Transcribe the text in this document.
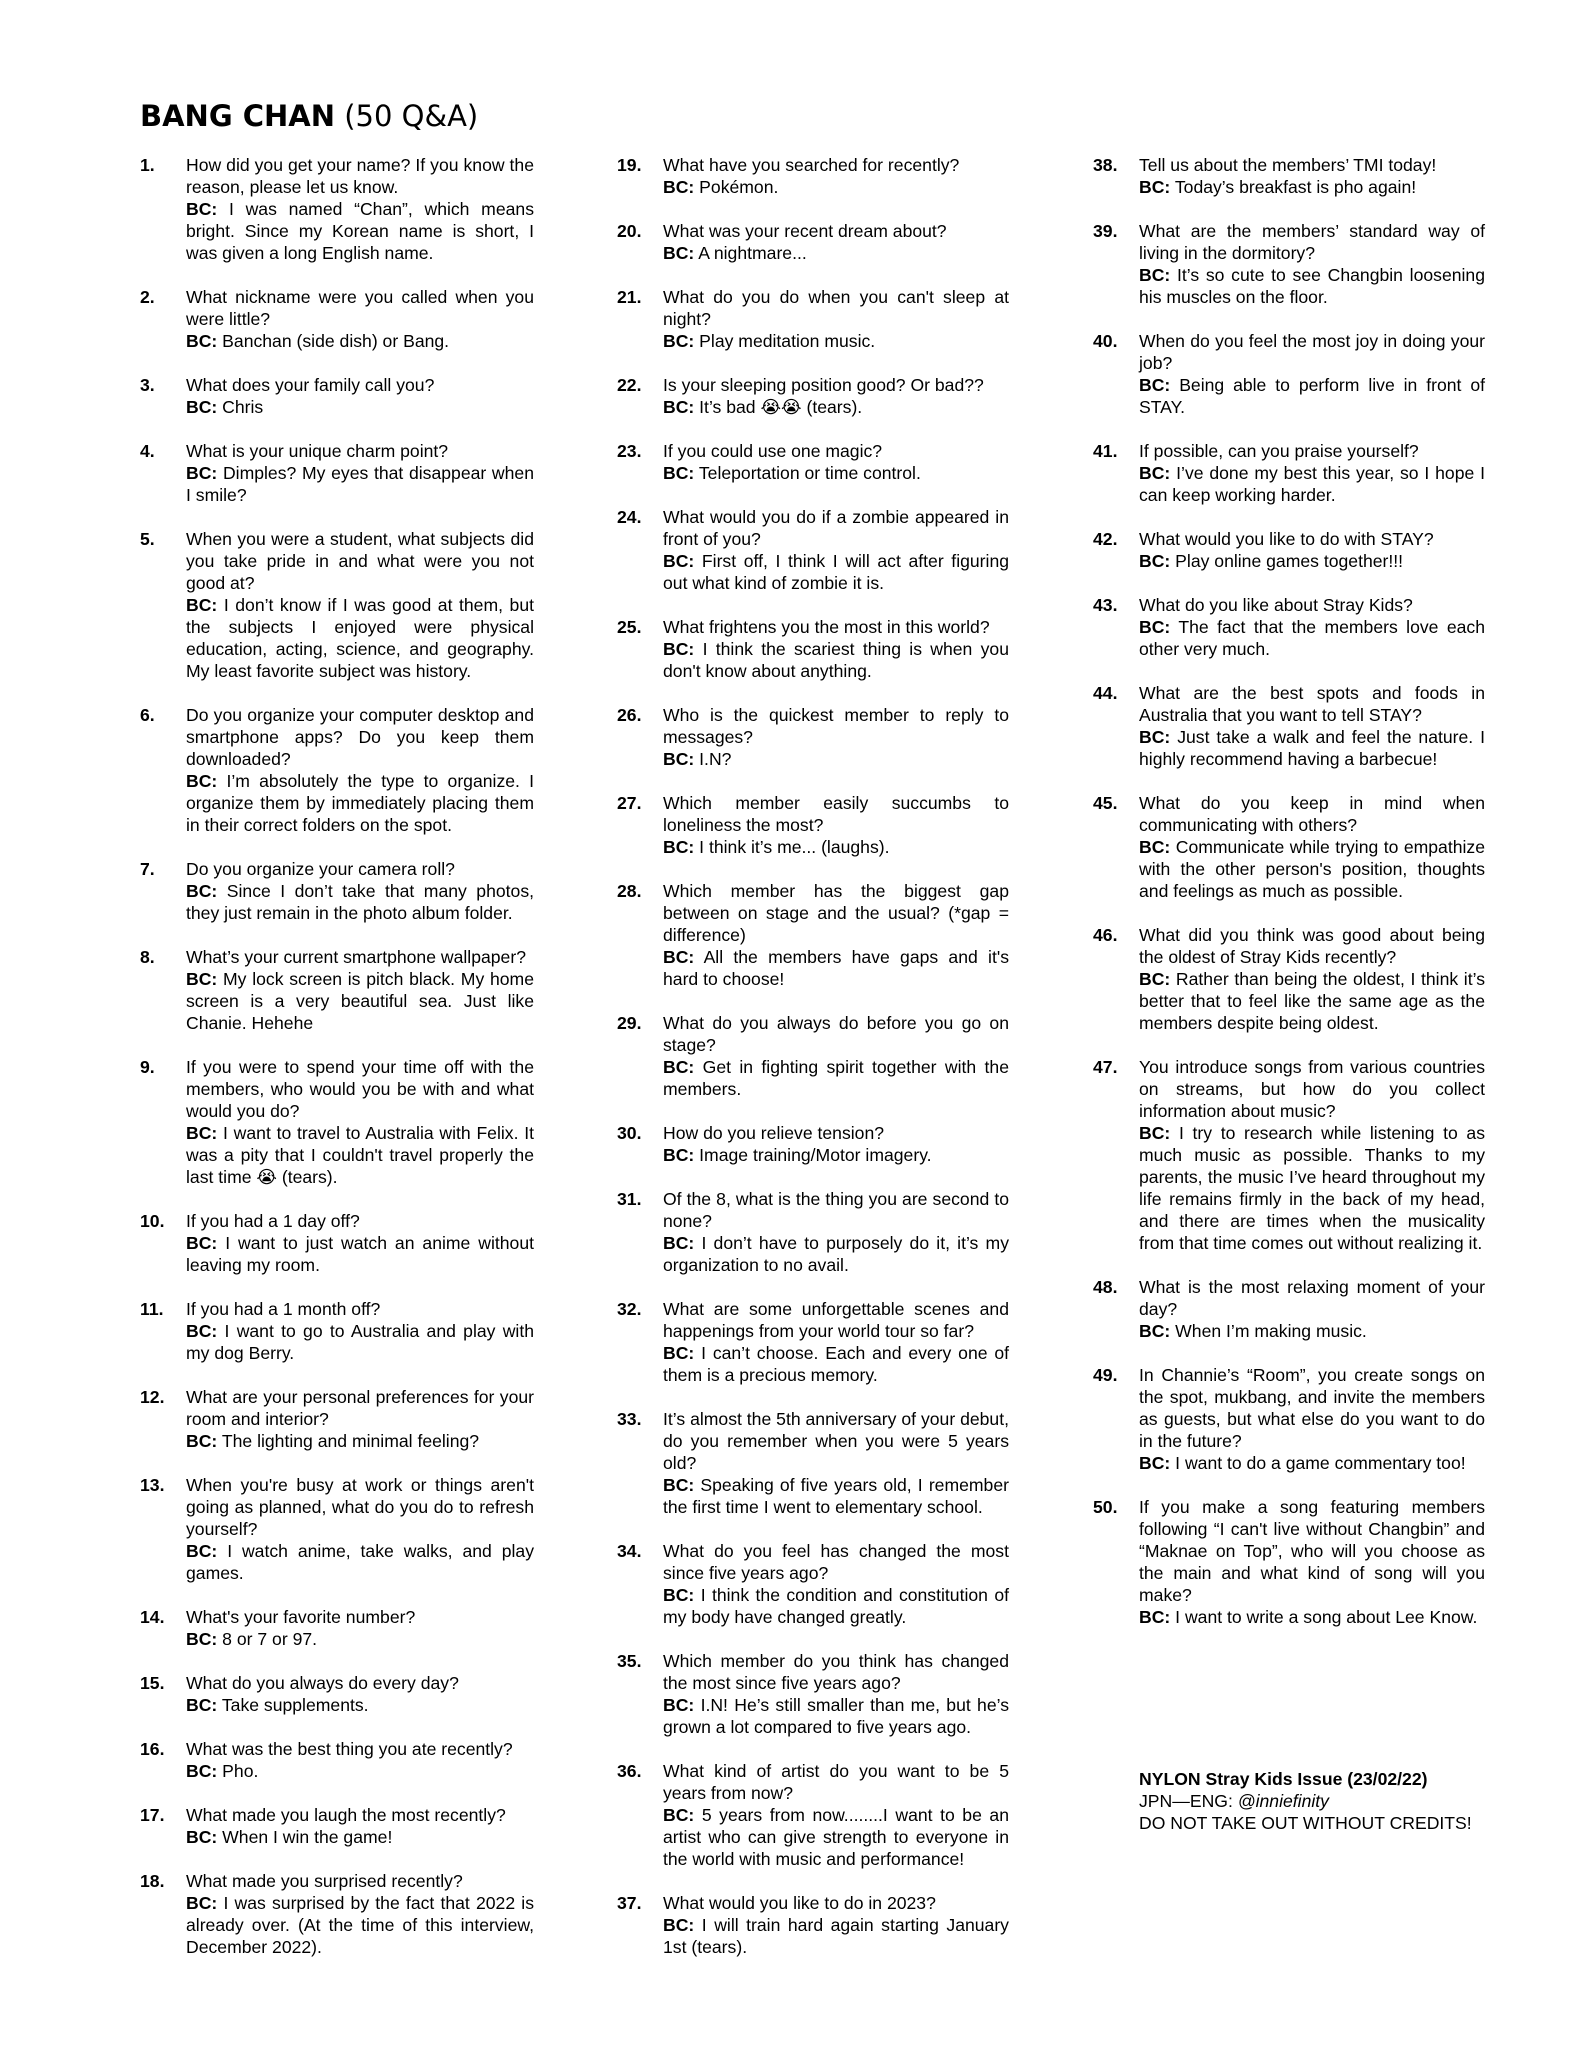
BANG CHAN (50 Q&A)
1. How did you get your name? If you know the reason, please let us know.
BC: I was named “Chan”, which means bright. Since my Korean name is short, I was given a long English name.
2. What nickname were you called when you were little?
BC: Banchan (side dish) or Bang.
3. What does your family call you?
BC: Chris
4. What is your unique charm point?
BC: Dimples? My eyes that disappear when I smile?
5. When you were a student, what subjects did you take pride in and what were you not good at?
BC: I don’t know if I was good at them, but the subjects I enjoyed were physical education, acting, science, and geography. My least favorite subject was history.
6. Do you organize your computer desktop and smartphone apps? Do you keep them downloaded?
BC: I’m absolutely the type to organize. I organize them by immediately placing them in their correct folders on the spot.
7. Do you organize your camera roll?
BC: Since I don’t take that many photos, they just remain in the photo album folder.
8. What’s your current smartphone wallpaper?
BC: My lock screen is pitch black. My home screen is a very beautiful sea. Just like Chanie. Hehehe
9. If you were to spend your time off with the members, who would you be with and what would you do?
BC: I want to travel to Australia with Felix. It was a pity that I couldn't travel properly the last time 😭 (tears).
10. If you had a 1 day off?
BC: I want to just watch an anime without leaving my room.
11. If you had a 1 month off?
BC: I want to go to Australia and play with my dog Berry.
12. What are your personal preferences for your room and interior?
BC: The lighting and minimal feeling?
13. When you're busy at work or things aren't going as planned, what do you do to refresh yourself?
BC: I watch anime, take walks, and play games.
14. What's your favorite number?
BC: 8 or 7 or 97.
15. What do you always do every day?
BC: Take supplements.
16. What was the best thing you ate recently?
BC: Pho.
17. What made you laugh the most recently?
BC: When I win the game!
18. What made you surprised recently?
BC: I was surprised by the fact that 2022 is already over. (At the time of this interview, December 2022).
19. What have you searched for recently?
BC: Pokémon.
20. What was your recent dream about?
BC: A nightmare...
21. What do you do when you can't sleep at night?
BC: Play meditation music.
22. Is your sleeping position good? Or bad??
BC: It’s bad 😭😭 (tears).
23. If you could use one magic?
BC: Teleportation or time control.
24. What would you do if a zombie appeared in front of you?
BC: First off, I think I will act after figuring out what kind of zombie it is.
25. What frightens you the most in this world?
BC: I think the scariest thing is when you don't know about anything.
26. Who is the quickest member to reply to messages?
BC: I.N?
27. Which member easily succumbs to loneliness the most?
BC: I think it’s me... (laughs).
28. Which member has the biggest gap between on stage and the usual? (*gap = difference)
BC: All the members have gaps and it's hard to choose!
29. What do you always do before you go on stage?
BC: Get in fighting spirit together with the members.
30. How do you relieve tension?
BC: Image training/Motor imagery.
31. Of the 8, what is the thing you are second to none?
BC: I don’t have to purposely do it, it’s my organization to no avail.
32. What are some unforgettable scenes and happenings from your world tour so far?
BC: I can’t choose. Each and every one of them is a precious memory.
33. It’s almost the 5th anniversary of your debut, do you remember when you were 5 years old?
BC: Speaking of five years old, I remember the first time I went to elementary school.
34. What do you feel has changed the most since five years ago?
BC: I think the condition and constitution of my body have changed greatly.
35. Which member do you think has changed the most since five years ago?
BC: I.N! He’s still smaller than me, but he’s grown a lot compared to five years ago.
36. What kind of artist do you want to be 5 years from now?
BC: 5 years from now........I want to be an artist who can give strength to everyone in the world with music and performance!
37. What would you like to do in 2023?
BC: I will train hard again starting January 1st (tears).
38. Tell us about the members’ TMI today!
BC: Today’s breakfast is pho again!
39. What are the members’ standard way of living in the dormitory?
BC: It’s so cute to see Changbin loosening his muscles on the floor.
40. When do you feel the most joy in doing your job?
BC: Being able to perform live in front of STAY.
41. If possible, can you praise yourself?
BC: I’ve done my best this year, so I hope I can keep working harder.
42. What would you like to do with STAY?
BC: Play online games together!!!
43. What do you like about Stray Kids?
BC: The fact that the members love each other very much.
44. What are the best spots and foods in Australia that you want to tell STAY?
BC: Just take a walk and feel the nature. I highly recommend having a barbecue!
45. What do you keep in mind when communicating with others?
BC: Communicate while trying to empathize with the other person's position, thoughts and feelings as much as possible.
46. What did you think was good about being the oldest of Stray Kids recently?
BC: Rather than being the oldest, I think it’s better that to feel like the same age as the members despite being oldest.
47. You introduce songs from various countries on streams, but how do you collect information about music?
BC: I try to research while listening to as much music as possible. Thanks to my parents, the music I’ve heard throughout my life remains firmly in the back of my head, and there are times when the musicality from that time comes out without realizing it.
48. What is the most relaxing moment of your day?
BC: When I’m making music.
49. In Channie’s “Room”, you create songs on the spot, mukbang, and invite the members as guests, but what else do you want to do in the future?
BC: I want to do a game commentary too!
50. If you make a song featuring members following “I can't live without Changbin” and “Maknae on Top”, who will you choose as the main and what kind of song will you make?
BC: I want to write a song about Lee Know.
NYLON Stray Kids Issue (23/02/22)
JPN—ENG: @inniefinity
DO NOT TAKE OUT WITHOUT CREDITS!
